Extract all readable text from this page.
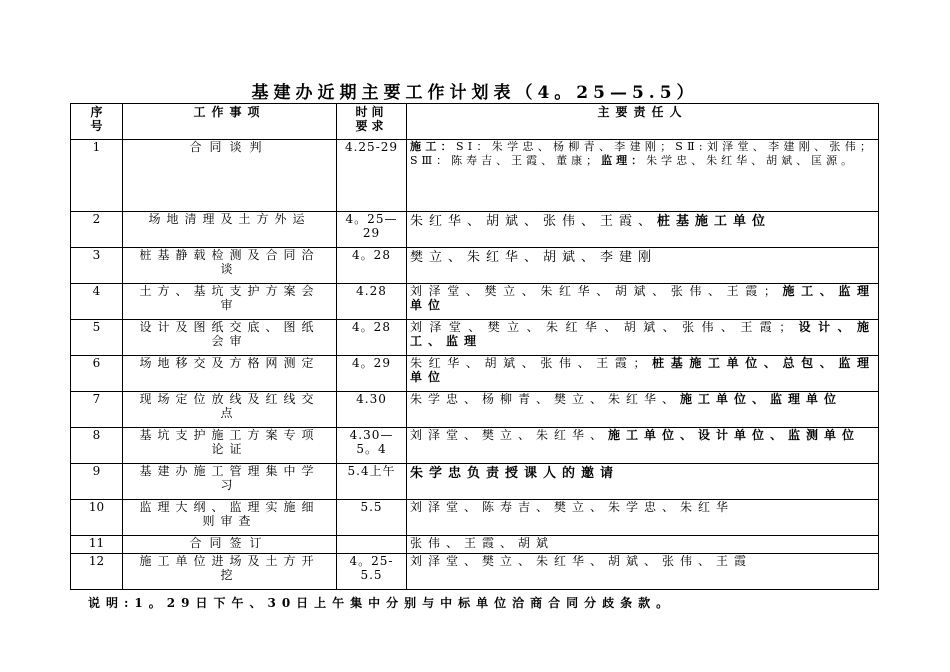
基建办近期主要工作计划表（4。25—5.5）
序号	工作事项	时间要求	主要责任人
1	合同谈判	4.25-29	施工：SⅠ：朱学忠、杨柳青、李建刚；SⅡ:刘泽堂、李建刚、张伟；SⅢ：陈寿吉、王霞、董康；监理：朱学忠、朱红华、胡斌、匡源。
2	场地清理及土方外运	4。25—29	朱红华、胡斌、张伟、王霞、桩基施工单位
3	桩基静载检测及合同洽谈	4。28	樊立、朱红华、胡斌、李建刚
4	土方、基坑支护方案会审	4.28	刘泽堂、樊立、朱红华、胡斌、张伟、王霞；施工、监理单位
5	设计及图纸交底、图纸会审	4。28	刘泽堂、樊立、朱红华、胡斌、张伟、王霞；设计、施工、监理
6	场地移交及方格网测定	4。29	朱红华、胡斌、张伟、王霞；桩基施工单位、总包、监理单位
7	现场定位放线及红线交点	4.30	朱学忠、杨柳青、樊立、朱红华、施工单位、监理单位
8	基坑支护施工方案专项论证	4.30—5。4	刘泽堂、樊立、朱红华、施工单位、设计单位、监测单位
9	基建办施工管理集中学习	5.4上午	朱学忠负责授课人的邀请
10	监理大纲、监理实施细则审查	5.5	刘泽堂、陈寿吉、樊立、朱学忠、朱红华
11	合同签订		张伟、王霞、胡斌
12	施工单位进场及土方开挖	4。25-5.5	刘泽堂、樊立、朱红华、胡斌、张伟、王霞
说明:1。29日下午、30日上午集中分别与中标单位洽商合同分歧条款。
